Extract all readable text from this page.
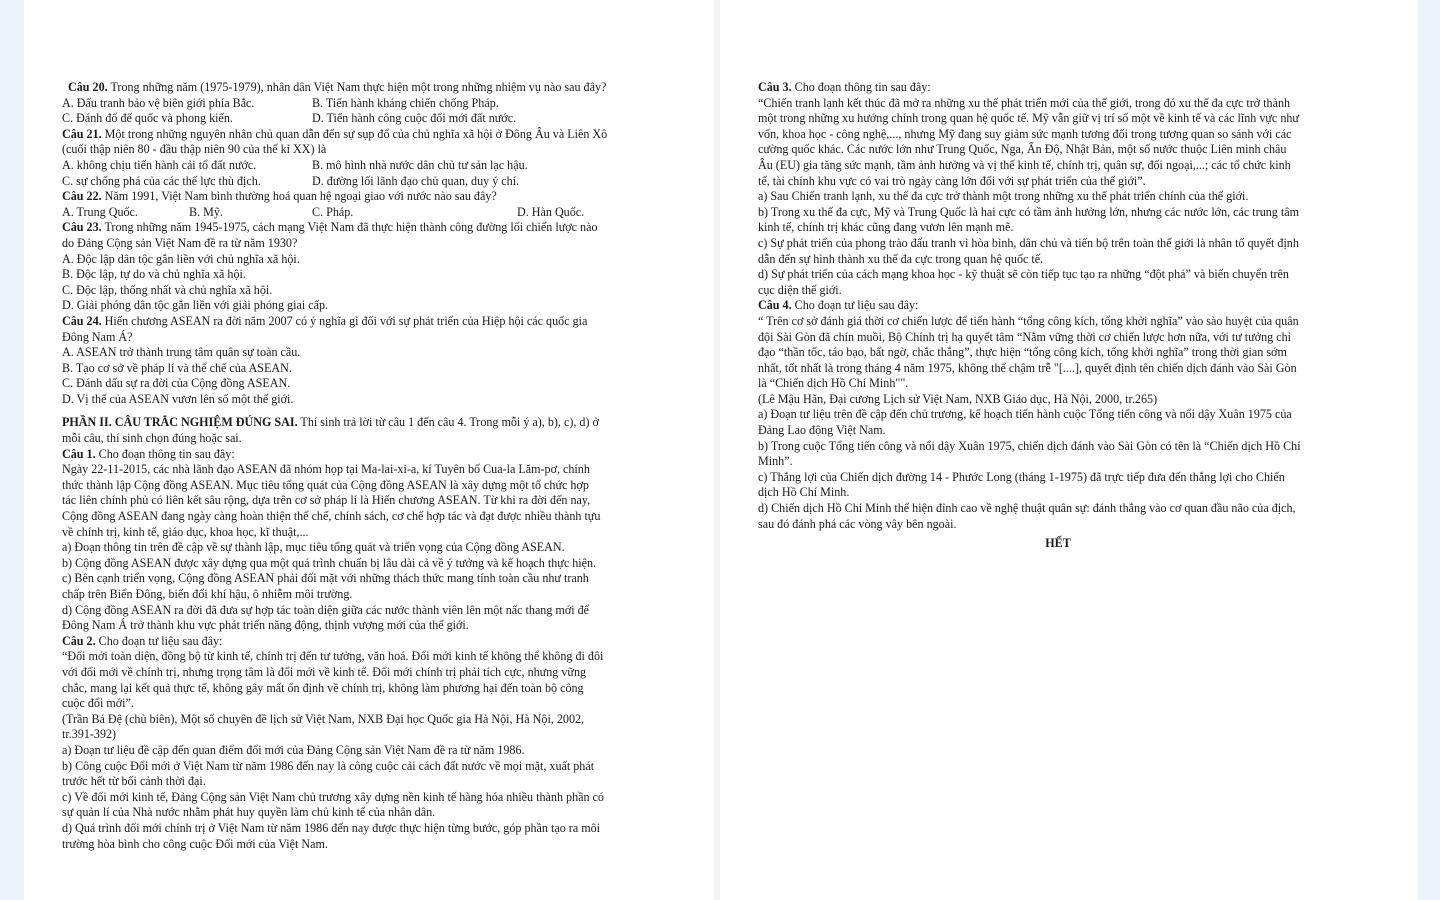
Câu 20. Trong những năm (1975-1979), nhân dân Việt Nam thực hiện một trong những nhiệm vụ nào sau đây?
A. Đấu tranh bảo vệ biên giới phía Bắc.	B. Tiến hành kháng chiến chống Pháp.
C. Đánh đổ đế quốc và phong kiến.	D. Tiến hành công cuộc đổi mới đất nước.
Câu 21. Một trong những nguyên nhân chủ quan dẫn đến sự sụp đổ của chủ nghĩa xã hội ở Đông Âu và Liên Xô
(cuối thập niên 80 - đầu thập niên 90 của thế kỉ XX) là
A. không chịu tiến hành cải tổ đất nước.	B. mô hình nhà nước dân chủ tư sản lạc hậu.
C. sự chống phá của các thế lực thù địch.	D. đường lối lãnh đạo chủ quan, duy ý chí.
Câu 22. Năm 1991, Việt Nam bình thường hoá quan hệ ngoại giao với nước nào sau đây?
A. Trung Quốc.	B. Mỹ.	C. Pháp.	D. Hàn Quốc.
Câu 23. Trong những năm 1945-1975, cách mạng Việt Nam đã thực hiện thành công đường lối chiến lược nào
do Đảng Cộng sản Việt Nam đề ra từ năm 1930?
A. Độc lập dân tộc gắn liền với chủ nghĩa xã hội.
B. Độc lập, tự do và chủ nghĩa xã hội.
C. Độc lập, thống nhất và chủ nghĩa xã hội.
D. Giải phóng dân tộc gắn liền với giải phóng giai cấp.
Câu 24. Hiến chương ASEAN ra đời năm 2007 có ý nghĩa gì đối với sự phát triển của Hiệp hội các quốc gia
Đông Nam Á?
A. ASEAN trở thành trung tâm quân sự toàn cầu.
B. Tạo cơ sở về pháp lí và thể chế của ASEAN.
C. Đánh dấu sự ra đời của Cộng đồng ASEAN.
D. Vị thế của ASEAN vươn lên số một thế giới.
PHẦN II. CÂU TRẮC NGHIỆM ĐÚNG SAI. Thí sinh trả lời từ câu 1 đến câu 4. Trong mỗi ý a), b), c), d) ở
mỗi câu, thí sinh chọn đúng hoặc sai.
Câu 1. Cho đoạn thông tin sau đây:
Ngày 22-11-2015, các nhà lãnh đạo ASEAN đã nhóm họp tại Ma-lai-xi-a, kí Tuyên bố Cua-la Lăm-pơ, chính
thức thành lập Cộng đồng ASEAN. Mục tiêu tổng quát của Cộng đồng ASEAN là xây dựng một tổ chức hợp
tác liên chính phủ có liên kết sâu rộng, dựa trên cơ sở pháp lí là Hiến chương ASEAN. Từ khi ra đời đến nay,
Cộng đồng ASEAN đang ngày càng hoàn thiện thể chế, chính sách, cơ chế hợp tác và đạt được nhiều thành tựu
về chính trị, kinh tế, giáo dục, khoa học, kĩ thuật,...
a) Đoạn thông tin trên đề cập về sự thành lập, mục tiêu tổng quát và triển vọng của Cộng đồng ASEAN.
b) Cộng đồng ASEAN được xây dựng qua một quá trình chuẩn bị lâu dài cả về ý tưởng và kế hoạch thực hiện.
c) Bên cạnh triển vọng, Cộng đồng ASEAN phải đối mặt với những thách thức mang tính toàn cầu như tranh
chấp trên Biển Đông, biến đổi khí hậu, ô nhiễm môi trường.
d) Cộng đồng ASEAN ra đời đã đưa sự hợp tác toàn diện giữa các nước thành viên lên một nấc thang mới để
Đông Nam Á trở thành khu vực phát triển năng động, thịnh vượng mới của thế giới.
Câu 2. Cho đoạn tư liệu sau đây:
“Đổi mới toàn diện, đồng bộ từ kinh tế, chính trị đến tư tưởng, văn hoá. Đổi mới kinh tế không thể không đi đôi
với đổi mới về chính trị, nhưng trọng tâm là đổi mới về kinh tế. Đổi mới chính trị phải tích cực, nhưng vững
chắc, mang lại kết quả thực tế, không gây mất ổn định về chính trị, không làm phương hại đến toàn bộ công
cuộc đổi mới”.
(Trần Bá Đệ (chủ biên), Một số chuyên đề lịch sử Việt Nam, NXB Đại học Quốc gia Hà Nội, Hà Nội, 2002,
tr.391-392)
a) Đoạn tư liệu đề cập đến quan điểm đổi mới của Đảng Cộng sản Việt Nam đề ra từ năm 1986.
b) Công cuộc Đổi mới ở Việt Nam từ năm 1986 đến nay là công cuộc cải cách đất nước về mọi mặt, xuất phát
trước hết từ bối cảnh thời đại.
c) Về đổi mới kinh tế, Đảng Cộng sản Việt Nam chủ trương xây dựng nền kinh tế hàng hóa nhiều thành phần có
sự quản lí của Nhà nước nhằm phát huy quyền làm chủ kinh tế của nhân dân.
d) Quá trình đổi mới chính trị ở Việt Nam từ năm 1986 đến nay được thực hiện từng bước, góp phần tạo ra môi
trường hòa bình cho công cuộc Đổi mới của Việt Nam.
Câu 3. Cho đoạn thông tin sau đây:
“Chiến tranh lạnh kết thúc đã mở ra những xu thế phát triển mới của thế giới, trong đó xu thế đa cực trở thành
một trong những xu hướng chính trong quan hệ quốc tế. Mỹ vẫn giữ vị trí số một về kinh tế và các lĩnh vực như
vốn, khoa học - công nghệ,..., nhưng Mỹ đang suy giảm sức mạnh tương đối trong tương quan so sánh với các
cường quốc khác. Các nước lớn như Trung Quốc, Nga, Ấn Độ, Nhật Bản, một số nước thuộc Liên minh châu
Âu (EU) gia tăng sức mạnh, tầm ảnh hưởng và vị thế kinh tế, chính trị, quân sự, đối ngoại,...; các tổ chức kinh
tế, tài chính khu vực có vai trò ngày càng lớn đối với sự phát triển của thế giới”.
a) Sau Chiến tranh lạnh, xu thế đa cực trở thành một trong những xu thế phát triển chính của thế giới.
b) Trong xu thế đa cực, Mỹ và Trung Quốc là hai cực có tầm ảnh hưởng lớn, nhưng các nước lớn, các trung tâm
kinh tế, chính trị khác cũng đang vươn lên mạnh mẽ.
c) Sự phát triển của phong trào đấu tranh vì hòa bình, dân chủ và tiến bộ trên toàn thế giới là nhân tố quyết định
dẫn đến sự hình thành xu thế đa cực trong quan hệ quốc tế.
d) Sự phát triển của cách mạng khoa học - kỹ thuật sẽ còn tiếp tục tạo ra những “đột phá” và biến chuyển trên
cục diện thế giới.
Câu 4. Cho đoạn tư liệu sau đây:
“ Trên cơ sở đánh giá thời cơ chiến lược để tiến hành “tổng công kích, tổng khởi nghĩa” vào sào huyệt của quân
đội Sài Gòn đã chín muồi, Bộ Chính trị hạ quyết tâm “Nắm vững thời cơ chiến lược hơn nữa, với tư tưởng chỉ
đạo “thần tốc, táo bạo, bất ngờ, chắc thắng”, thực hiện “tổng công kích, tổng khởi nghĩa” trong thời gian sớm
nhất, tốt nhất là trong tháng 4 năm 1975, không thể chậm trễ "[....], quyết định tên chiến dịch đánh vào Sài Gòn
là “Chiến dịch Hồ Chí Minh"".
(Lê Mậu Hãn, Đại cương Lịch sử Việt Nam, NXB Giáo dục, Hà Nội, 2000, tr.265)
a) Đoạn tư liệu trên đề cập đến chủ trương, kế hoạch tiến hành cuộc Tổng tiến công và nổi dậy Xuân 1975 của
Đảng Lao động Việt Nam.
b) Trong cuộc Tổng tiến công và nổi dậy Xuân 1975, chiến dịch đánh vào Sài Gòn có tên là “Chiến dịch Hồ Chí
Minh”.
c) Thắng lợi của Chiến dịch đường 14 - Phước Long (tháng 1-1975) đã trực tiếp đưa đến thắng lợi cho Chiến
dịch Hồ Chí Minh.
d) Chiến dịch Hồ Chí Minh thể hiện đỉnh cao về nghệ thuật quân sự: đánh thẳng vào cơ quan đầu não của địch,
sau đó đánh phá các vòng vây bên ngoài.
HẾT
